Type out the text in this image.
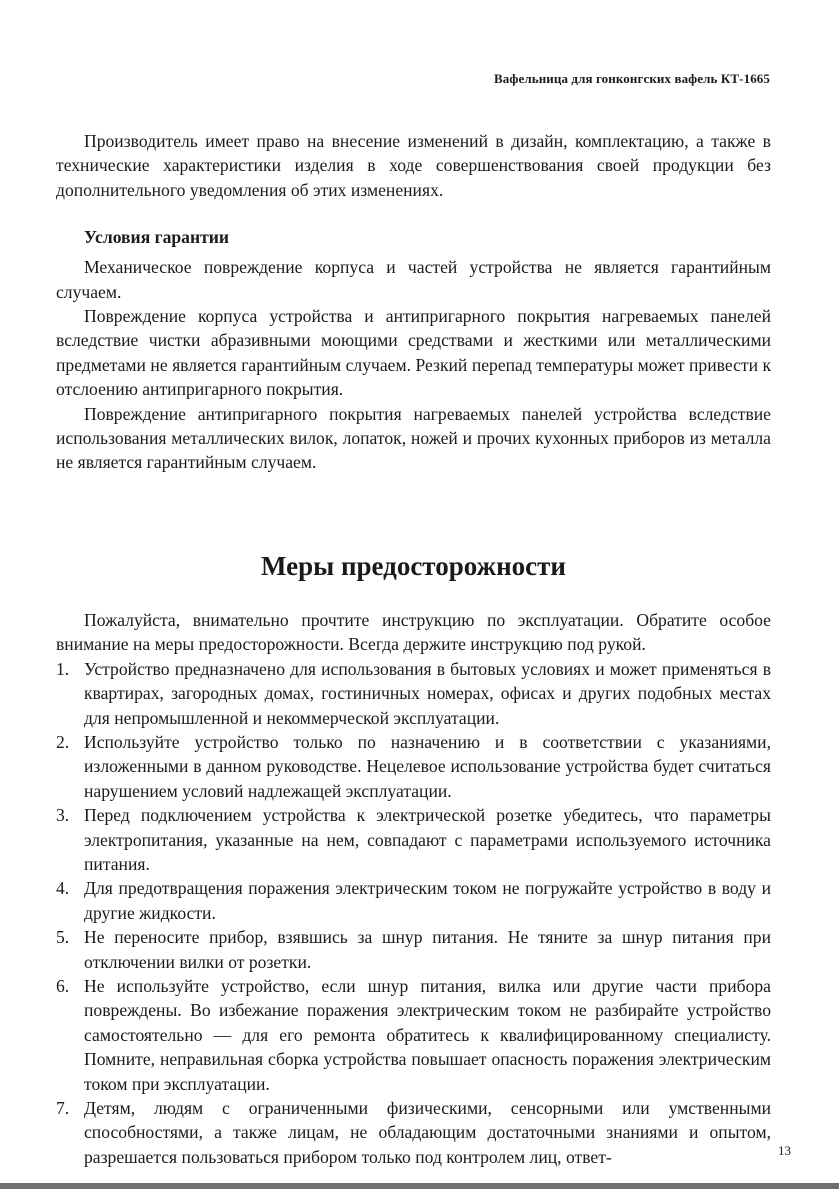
Вафельница для гонконгских вафель КТ-1665

Производитель имеет право на внесение изменений в дизайн, комплектацию, а также в технические характеристики изделия в ходе совершенствования своей продукции без дополнительного уведомления об этих изменениях.

Условия гарантии

Механическое повреждение корпуса и частей устройства не является гарантийным случаем.

Повреждение корпуса устройства и антипригарного покрытия нагреваемых панелей вследствие чистки абразивными моющими средствами и жесткими или металлическими предметами не является гарантийным случаем. Резкий перепад температуры может привести к отслоению антипригарного покрытия.

Повреждение антипригарного покрытия нагреваемых панелей устройства вследствие использования металлических вилок, лопаток, ножей и прочих кухонных приборов из металла не является гарантийным случаем.

Меры предосторожности

Пожалуйста, внимательно прочтите инструкцию по эксплуатации. Обратите особое внимание на меры предосторожности. Всегда держите инструкцию под рукой.

1. Устройство предназначено для использования в бытовых условиях и может применяться в квартирах, загородных домах, гостиничных номерах, офисах и других подобных местах для непромышленной и некоммерческой эксплуатации.
2. Используйте устройство только по назначению и в соответствии с указаниями, изложенными в данном руководстве. Нецелевое использование устройства будет считаться нарушением условий надлежащей эксплуатации.
3. Перед подключением устройства к электрической розетке убедитесь, что параметры электропитания, указанные на нем, совпадают с параметрами используемого источника питания.
4. Для предотвращения поражения электрическим током не погружайте устройство в воду и другие жидкости.
5. Не переносите прибор, взявшись за шнур питания. Не тяните за шнур питания при отключении вилки от розетки.
6. Не используйте устройство, если шнур питания, вилка или другие части прибора повреждены. Во избежание поражения электрическим током не разбирайте устройство самостоятельно — для его ремонта обратитесь к квалифицированному специалисту. Помните, неправильная сборка устройства повышает опасность поражения электрическим током при эксплуатации.
7. Детям, людям с ограниченными физическими, сенсорными или умственными способностями, а также лицам, не обладающим достаточными знаниями и опытом, разрешается пользоваться прибором только под контролем лиц, ответ-	13
